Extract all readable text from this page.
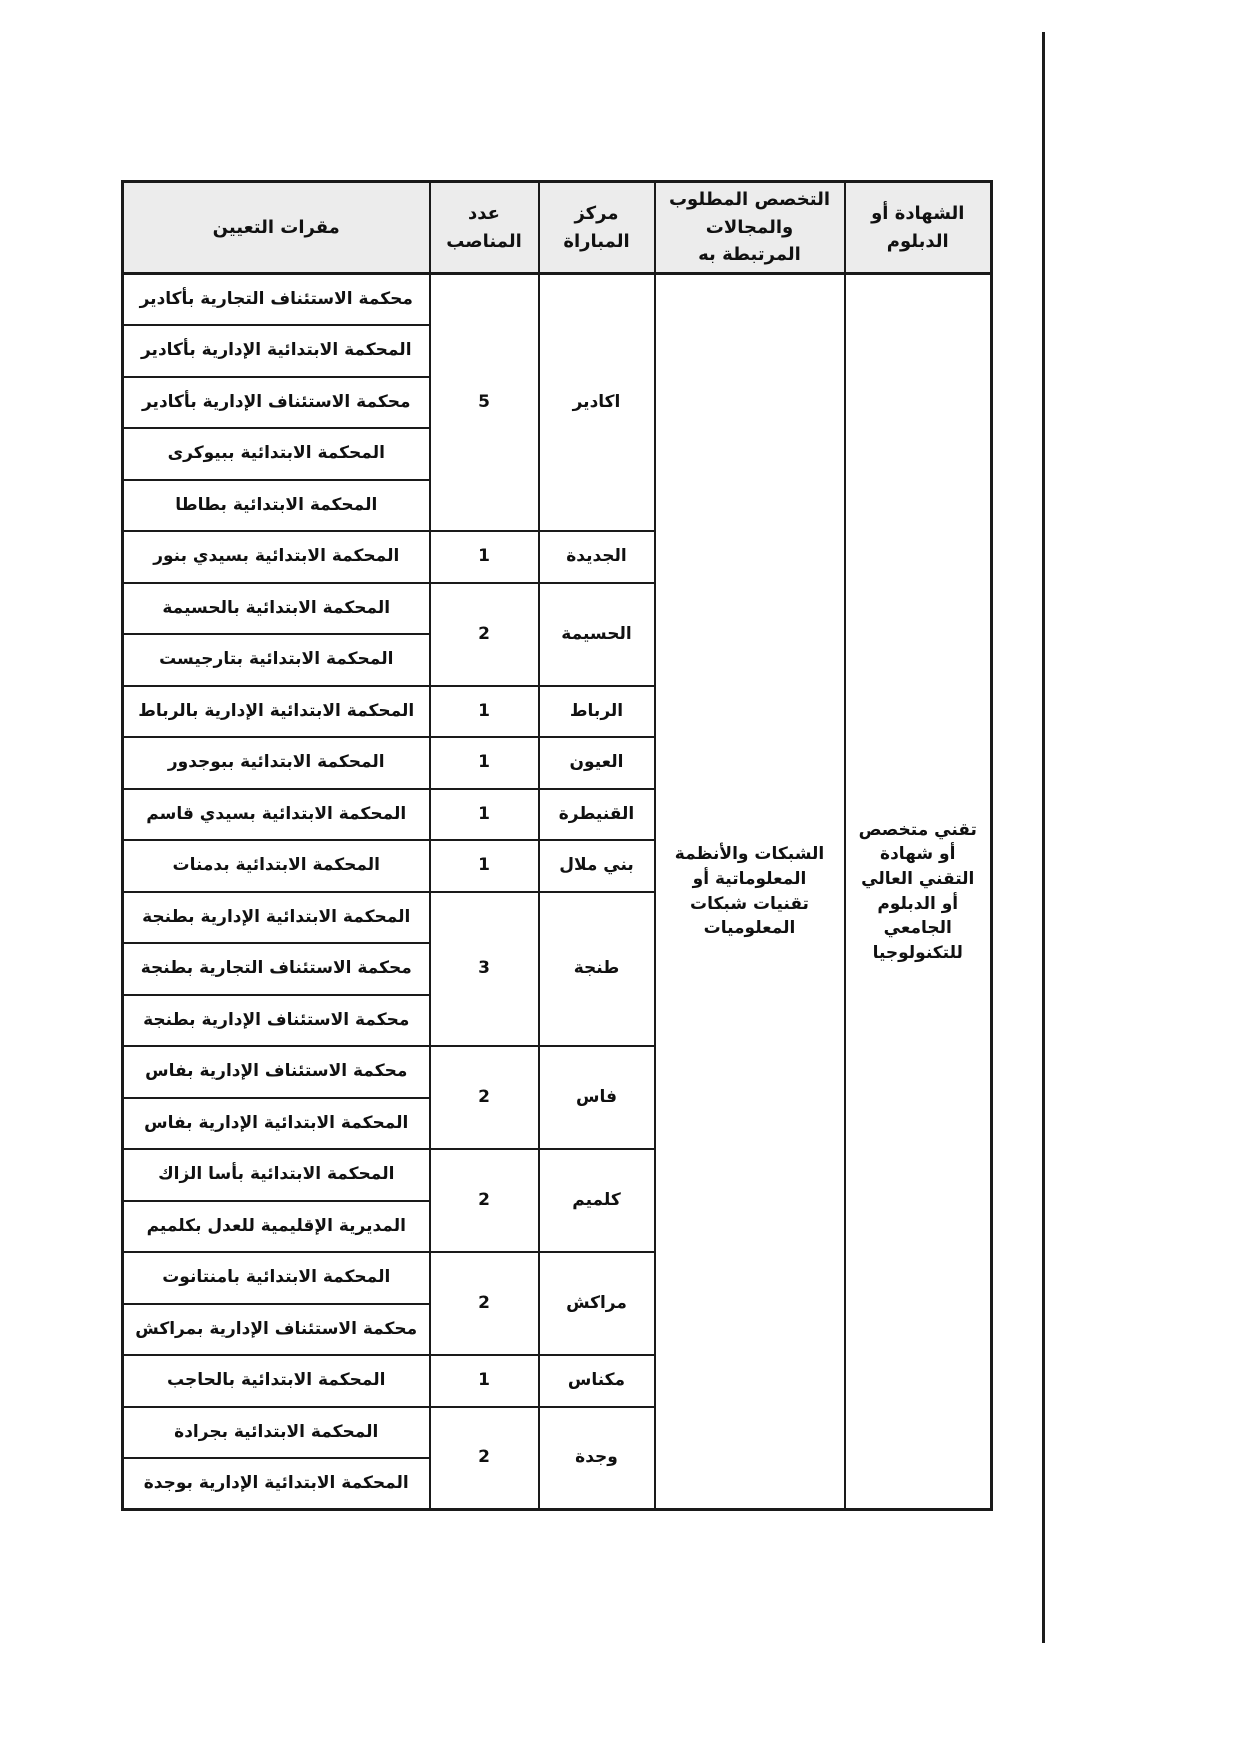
الشهادة أو الدبلوم	التخصص المطلوب والمجالات المرتبطة به	مركز المباراة	عدد المناصب	مقرات التعيين
تقني متخصص أو شهادة التقني العالي أو الدبلوم الجامعي للتكنولوجيا	الشبكات والأنظمة المعلوماتية أو تقنيات شبكات المعلوميات	اكادير	5	محكمة الاستئناف التجارية بأكادير
				المحكمة الابتدائية الإدارية بأكادير
				محكمة الاستئناف الإدارية بأكادير
				المحكمة الابتدائية ببيوكرى
				المحكمة الابتدائية بطاطا
		الجديدة	1	المحكمة الابتدائية بسيدي بنور
		الحسيمة	2	المحكمة الابتدائية بالحسيمة
				المحكمة الابتدائية بتارجيست
		الرباط	1	المحكمة الابتدائية الإدارية بالرباط
		العيون	1	المحكمة الابتدائية ببوجدور
		القنيطرة	1	المحكمة الابتدائية بسيدي قاسم
		بني ملال	1	المحكمة الابتدائية بدمنات
		طنجة	3	المحكمة الابتدائية الإدارية بطنجة
				محكمة الاستئناف التجارية بطنجة
				محكمة الاستئناف الإدارية بطنجة
		فاس	2	محكمة الاستئناف الإدارية بفاس
				المحكمة الابتدائية الإدارية بفاس
		كلميم	2	المحكمة الابتدائية بأسا الزاك
				المديرية الإقليمية للعدل بكلميم
		مراكش	2	المحكمة الابتدائية بامنتانوت
				محكمة الاستئناف الإدارية بمراكش
		مكناس	1	المحكمة الابتدائية بالحاجب
		وجدة	2	المحكمة الابتدائية بجرادة
				المحكمة الابتدائية الإدارية بوجدة
